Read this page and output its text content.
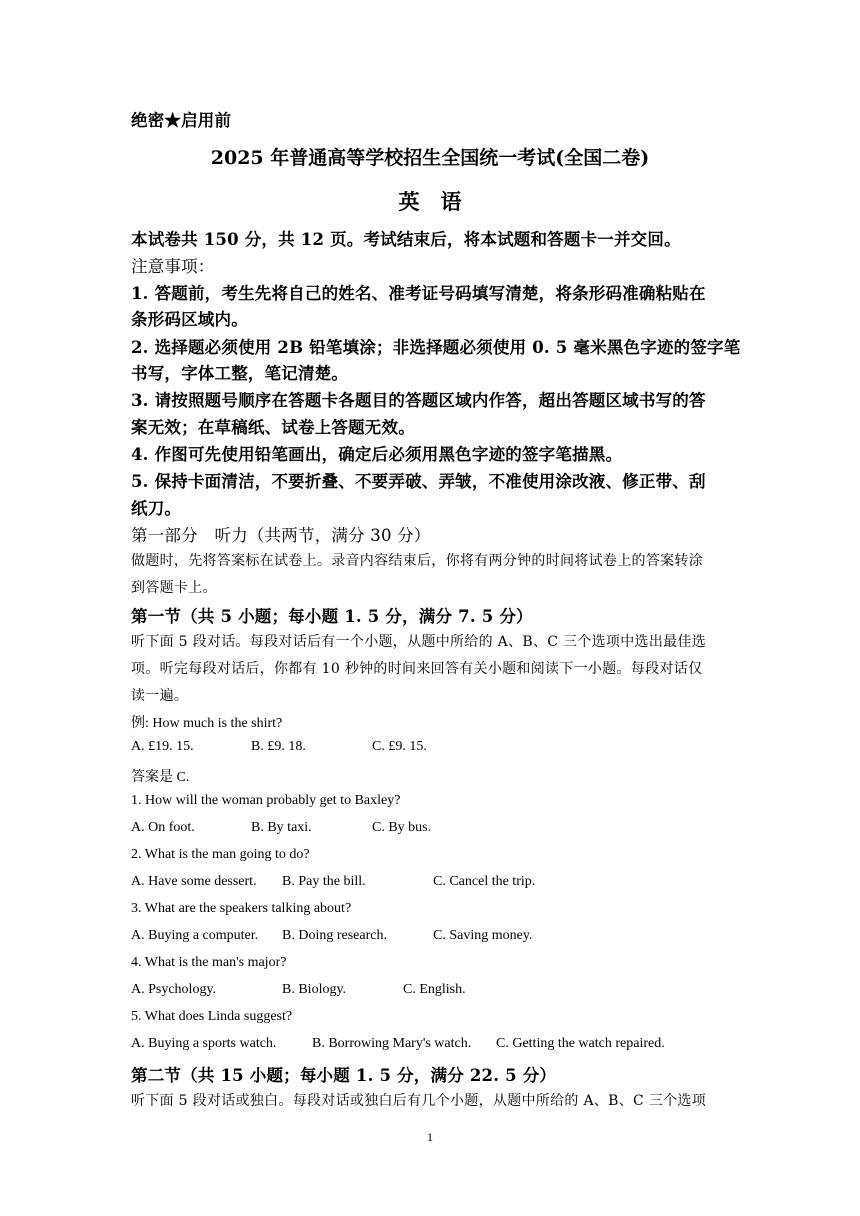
绝密★启用前
2025 年普通高等学校招生全国统一考试(全国二卷)
英　语
本试卷共 150 分，共 12 页。考试结束后，将本试题和答题卡一并交回。
注意事项：
1. 答题前，考生先将自己的姓名、准考证号码填写清楚，将条形码准确粘贴在
条形码区域内。
2. 选择题必须使用 2B 铅笔填涂；非选择题必须使用 0. 5 毫米黑色字迹的签字笔
书写，字体工整，笔记清楚。
3. 请按照题号顺序在答题卡各题目的答题区域内作答，超出答题区域书写的答
案无效；在草稿纸、试卷上答题无效。
4. 作图可先使用铅笔画出，确定后必须用黑色字迹的签字笔描黑。
5. 保持卡面清洁，不要折叠、不要弄破、弄皱，不准使用涂改液、修正带、刮
纸刀。
第一部分　听力（共两节，满分 30 分）
做题时，先将答案标在试卷上。录音内容结束后，你将有两分钟的时间将试卷上的答案转涂
到答题卡上。
第一节（共 5 小题；每小题 1. 5 分，满分 7. 5 分）
听下面 5 段对话。每段对话后有一个小题，从题中所给的 A、B、C 三个选项中选出最佳选
项。听完每段对话后，你都有 10 秒钟的时间来回答有关小题和阅读下一小题。每段对话仅
读一遍。
例: How much is the shirt?
A. £19. 15.	B. £9. 18.	C. £9. 15.
答案是 C.
1. How will the woman probably get to Baxley?
A. On foot.	B. By taxi.	C. By bus.
2. What is the man going to do?
A. Have some dessert. B. Pay the bill.	C. Cancel the trip.
3. What are the speakers talking about?
A. Buying a computer. B. Doing research.	C. Saving money.
4. What is the man's major?
A. Psychology.	B. Biology.	C. English.
5. What does Linda suggest?
A. Buying a sports watch.	B. Borrowing Mary's watch. C. Getting the watch repaired.
第二节（共 15 小题；每小题 1. 5 分，满分 22. 5 分）
听下面 5 段对话或独白。每段对话或独白后有几个小题，从题中所给的 A、B、C 三个选项
1
